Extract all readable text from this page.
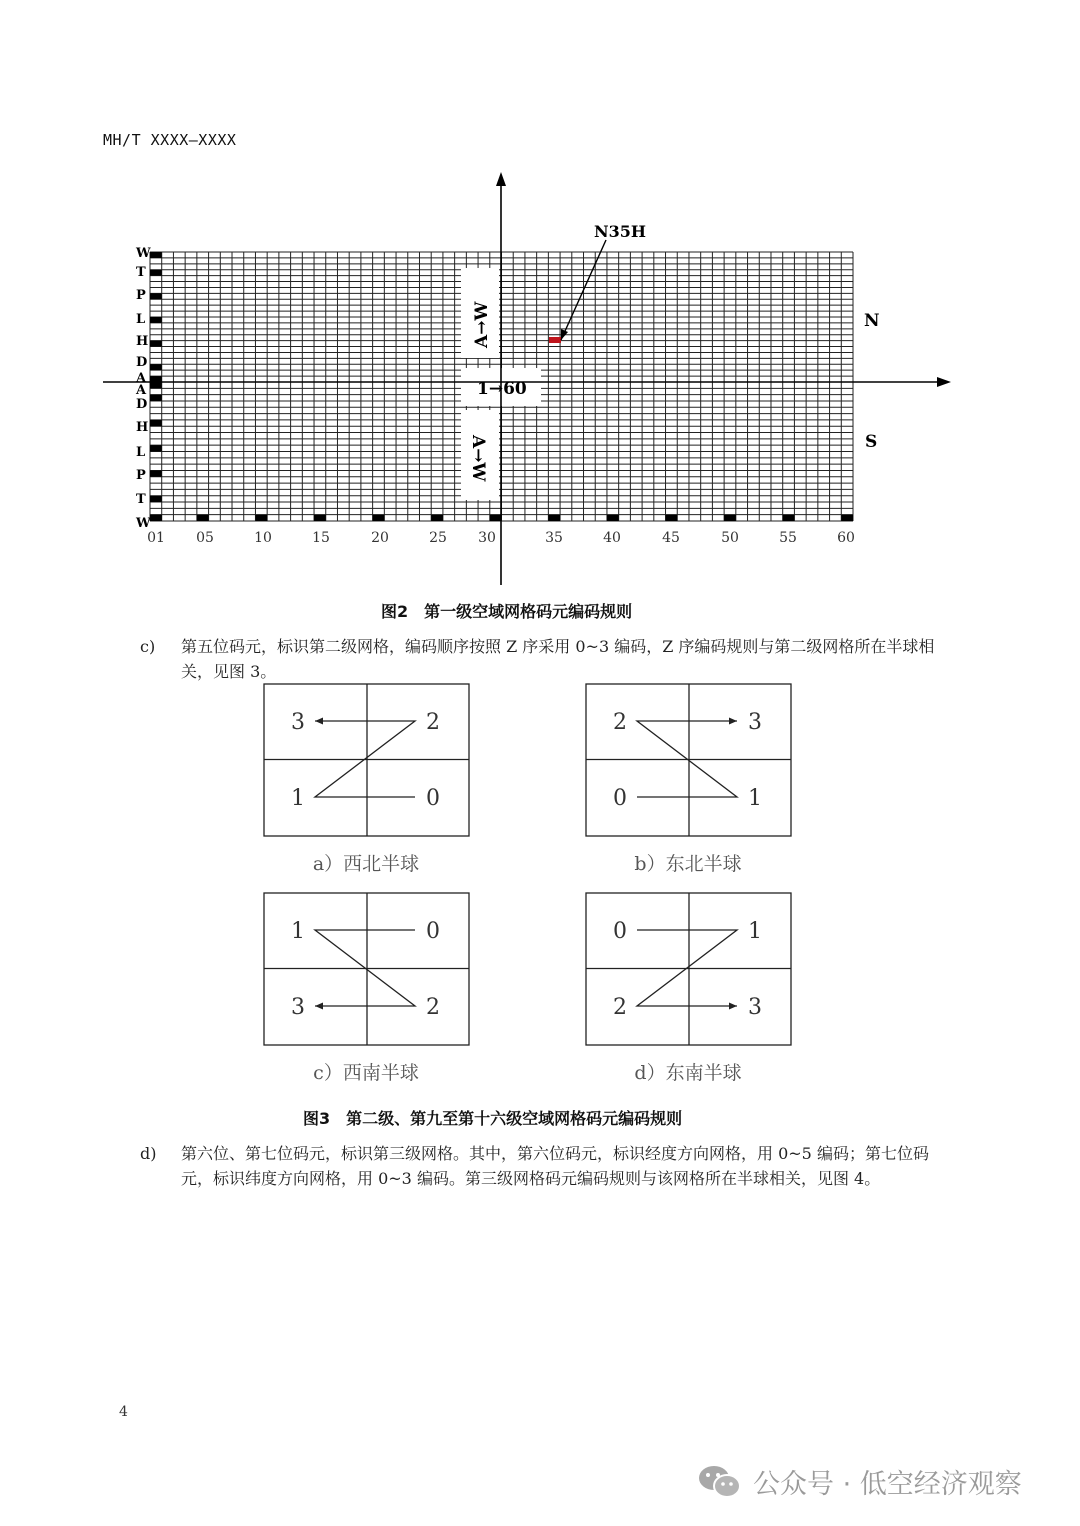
MH/T XXXX—XXXX
N35H
N
S
A→W
A→W
1→60
W
T
P
L
H
D
A
A
D
H
L
P
T
W
01 05	10	15	20	25 30	35	40	45	50	55	60
图2　第一级空域网格码元编码规则
c) 第五位码元，标识第二级网格，编码顺序按照 Z 序采用 0~3 编码，Z 序编码规则与第二级网格所在半球相关，见图 3。
3	2
1	0
a）西北半球
2	3
0	1
b）东北半球
1	0
3	2
c）西南半球
0	1
2	3
d）东南半球
图3　第二级、第九至第十六级空域网格码元编码规则
d) 第六位、第七位码元，标识第三级网格。其中，第六位码元，标识经度方向网格，用 0~5 编码；第七位码元，标识纬度方向网格，用 0~3 编码。第三级网格码元编码规则与该网格所在半球相关，见图 4。
4
公众号 · 低空经济观察
